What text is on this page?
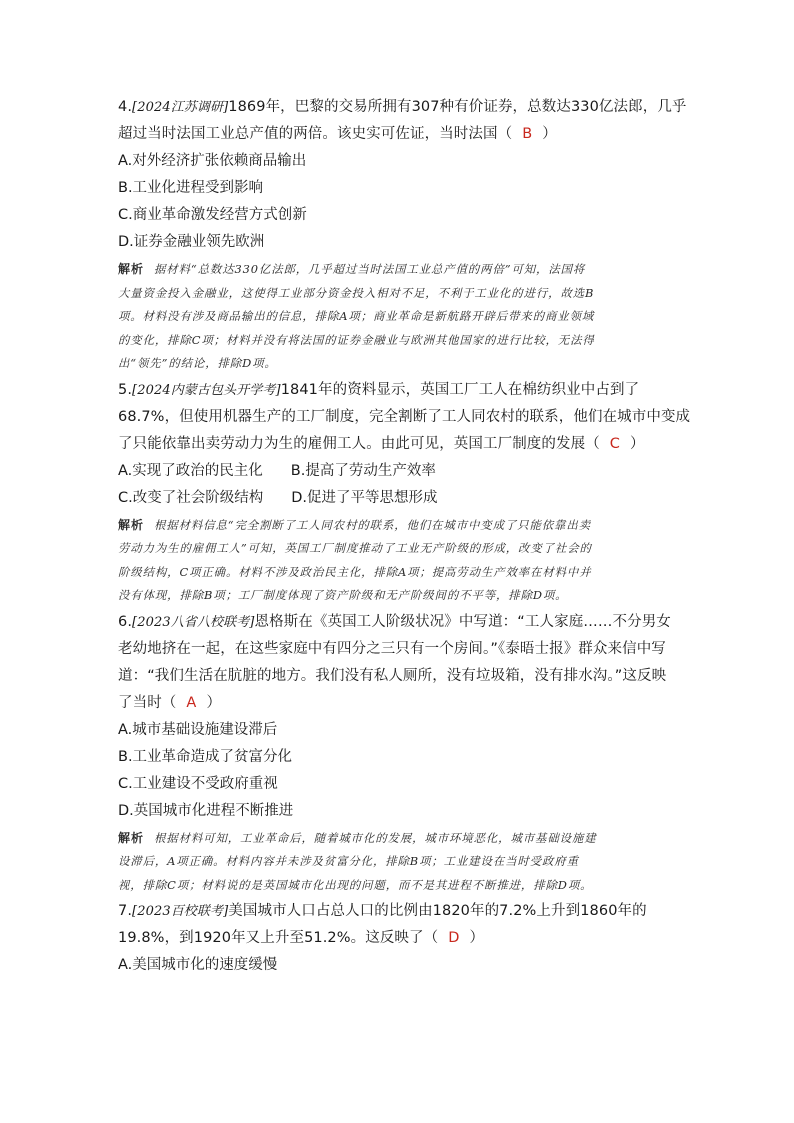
4.[2024江苏调研]1869年，巴黎的交易所拥有307种有价证券，总数达330亿法郎，几乎
超过当时法国工业总产值的两倍。该史实可佐证，当时法国（ B ）
A.对外经济扩张依赖商品输出
B.工业化进程受到影响
C.商业革命激发经营方式创新
D.证券金融业领先欧洲
解析 据材料“总数达330亿法郎，几乎超过当时法国工业总产值的两倍”可知，法国将
大量资金投入金融业，这使得工业部分资金投入相对不足，不利于工业化的进行，故选B
项。材料没有涉及商品输出的信息，排除A项；商业革命是新航路开辟后带来的商业领域
的变化，排除C项；材料并没有将法国的证券金融业与欧洲其他国家的进行比较，无法得
出“领先”的结论，排除D项。
5.[2024内蒙古包头开学考]1841年的资料显示，英国工厂工人在棉纺织业中占到了
68.7%，但使用机器生产的工厂制度，完全割断了工人同农村的联系，他们在城市中变成
了只能依靠出卖劳动力为生的雇佣工人。由此可见，英国工厂制度的发展（ C ）
A.实现了政治的民主化 B.提高了劳动生产效率
C.改变了社会阶级结构 D.促进了平等思想形成
解析 根据材料信息“完全割断了工人同农村的联系，他们在城市中变成了只能依靠出卖
劳动力为生的雇佣工人”可知，英国工厂制度推动了工业无产阶级的形成，改变了社会的
阶级结构，C项正确。材料不涉及政治民主化，排除A项；提高劳动生产效率在材料中并
没有体现，排除B项；工厂制度体现了资产阶级和无产阶级间的不平等，排除D项。
6.[2023八省八校联考]恩格斯在《英国工人阶级状况》中写道：“工人家庭……不分男女
老幼地挤在一起，在这些家庭中有四分之三只有一个房间。”《泰晤士报》群众来信中写
道：“我们生活在肮脏的地方。我们没有私人厕所，没有垃圾箱，没有排水沟。”这反映
了当时（ A ）
A.城市基础设施建设滞后
B.工业革命造成了贫富分化
C.工业建设不受政府重视
D.英国城市化进程不断推进
解析 根据材料可知，工业革命后，随着城市化的发展，城市环境恶化，城市基础设施建
设滞后，A项正确。材料内容并未涉及贫富分化，排除B项；工业建设在当时受政府重
视，排除C项；材料说的是英国城市化出现的问题，而不是其进程不断推进，排除D项。
7.[2023百校联考]美国城市人口占总人口的比例由1820年的7.2%上升到1860年的
19.8%，到1920年又上升至51.2%。这反映了（ D ）
A.美国城市化的速度缓慢
